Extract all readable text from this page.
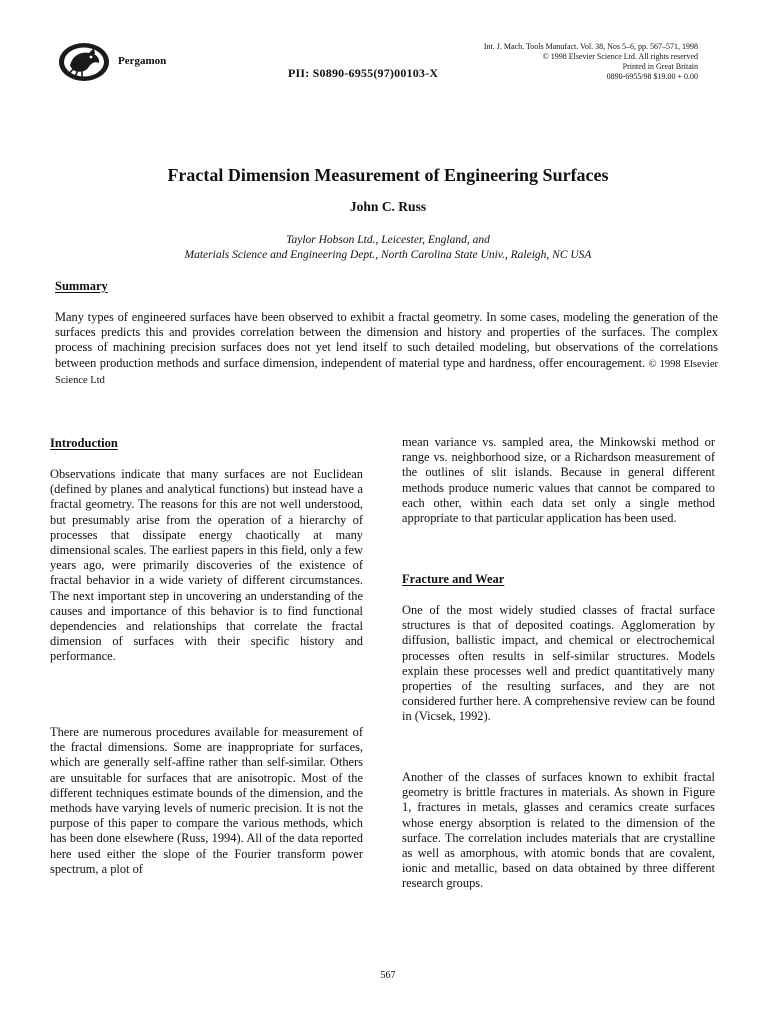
Pergamon
PII: S0890-6955(97)00103-X
Int. J. Mach. Tools Manufact. Vol. 38, Nos 5–6, pp. 567–571, 1998
© 1998 Elsevier Science Ltd. All rights reserved
Printed in Great Britain
0890-6955/98 $19.00 + 0.00
Fractal Dimension Measurement of Engineering Surfaces
John C. Russ
Taylor Hobson Ltd., Leicester, England, and
Materials Science and Engineering Dept., North Carolina State Univ., Raleigh, NC USA
Summary
Many types of engineered surfaces have been observed to exhibit a fractal geometry. In some cases, modeling the generation of the surfaces predicts this and provides correlation between the dimension and history and properties of the surfaces. The complex process of machining precision surfaces does not yet lend itself to such detailed modeling, but observations of the correlations between production methods and surface dimension, independent of material type and hardness, offer encouragement. © 1998 Elsevier Science Ltd
Introduction

Observations indicate that many surfaces are not Euclidean (defined by planes and analytical functions) but instead have a fractal geometry. The reasons for this are not well understood, but presumably arise from the operation of a hierarchy of processes that dissipate energy chaotically at many dimensional scales. The earliest papers in this field, only a few years ago, were primarily discoveries of the existence of fractal behavior in a wide variety of different circumstances. The next important step in uncovering an understanding of the causes and importance of this behavior is to find functional dependencies and relationships that correlate the fractal dimension of surfaces with their specific history and performance.

There are numerous procedures available for measurement of the fractal dimensions. Some are inappropriate for surfaces, which are generally self-affine rather than self-similar. Others are unsuitable for surfaces that are anisotropic. Most of the different techniques estimate bounds of the dimension, and the methods have varying levels of numeric precision. It is not the purpose of this paper to compare the various methods, which has been done elsewhere (Russ, 1994). All of the data reported here used either the slope of the Fourier transform power spectrum, a plot of

mean variance vs. sampled area, the Minkowski method or range vs. neighborhood size, or a Richardson measurement of the outlines of slit islands. Because in general different methods produce numeric values that cannot be compared to each other, within each data set only a single method appropriate to that particular application has been used.

Fracture and Wear

One of the most widely studied classes of fractal surface structures is that of deposited coatings. Agglomeration by diffusion, ballistic impact, and chemical or electrochemical processes often results in self-similar structures. Models explain these processes well and predict quantitatively many properties of the resulting surfaces, and they are not considered further here. A comprehensive review can be found in (Vicsek, 1992).

Another of the classes of surfaces known to exhibit fractal geometry is brittle fractures in materials. As shown in Figure 1, fractures in metals, glasses and ceramics create surfaces whose energy absorption is related to the dimension of the surface. The correlation includes materials that are crystalline as well as amorphous, with atomic bonds that are covalent, ionic and metallic, based on data obtained by three different research groups.

567
